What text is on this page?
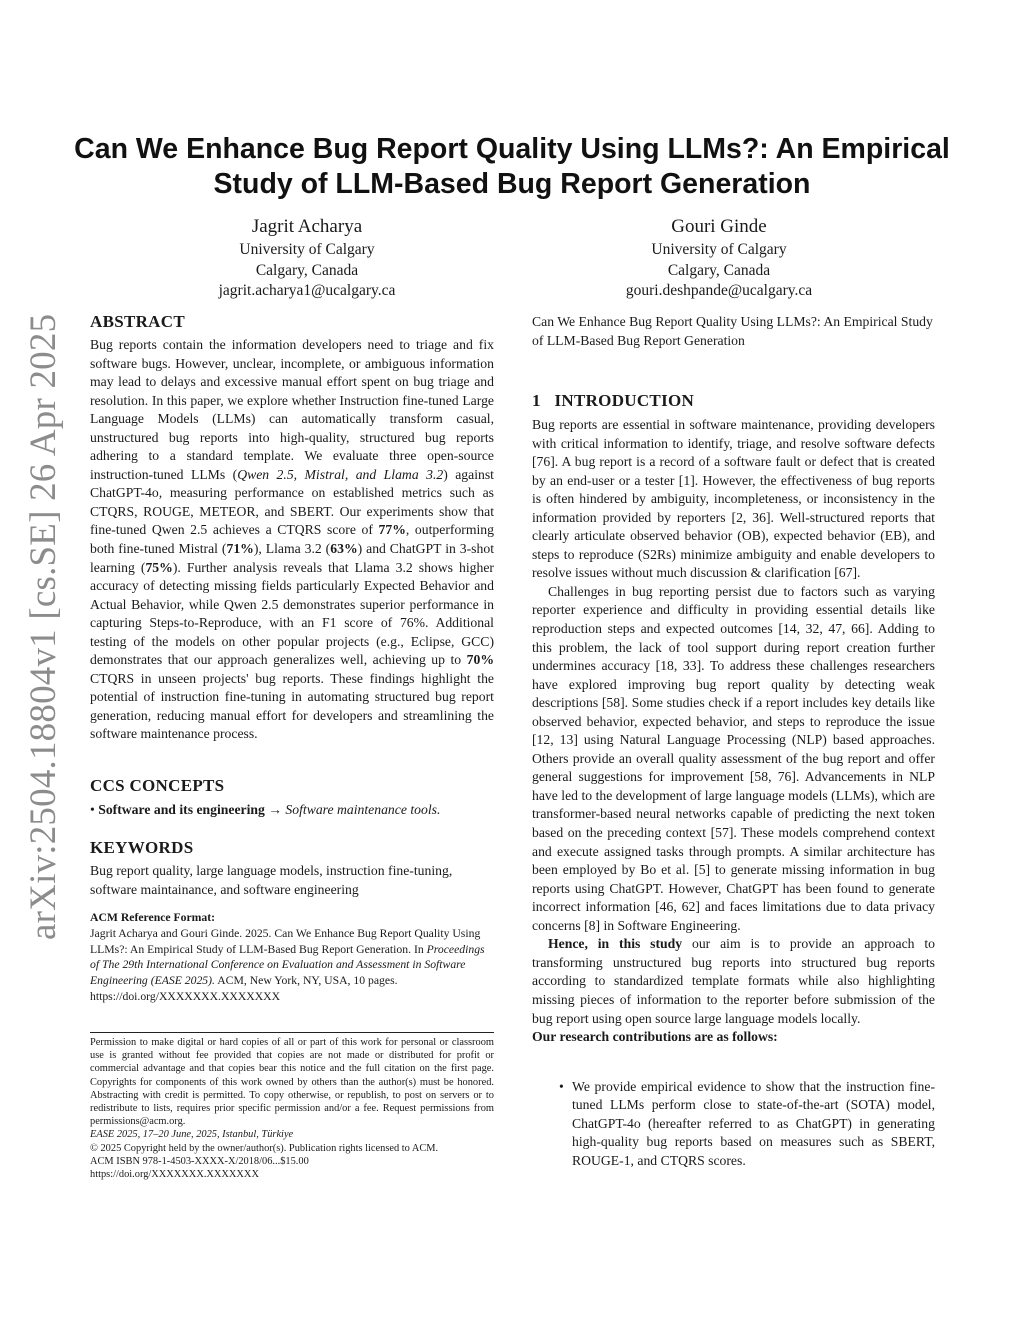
arXiv:2504.18804v1 [cs.SE] 26 Apr 2025
Can We Enhance Bug Report Quality Using LLMs?: An Empirical Study of LLM-Based Bug Report Generation
Jagrit Acharya
University of Calgary
Calgary, Canada
jagrit.acharya1@ucalgary.ca
Gouri Ginde
University of Calgary
Calgary, Canada
gouri.deshpande@ucalgary.ca
ABSTRACT

Bug reports contain the information developers need to triage and fix software bugs. However, unclear, incomplete, or ambiguous information may lead to delays and excessive manual effort spent on bug triage and resolution. In this paper, we explore whether Instruction fine-tuned Large Language Models (LLMs) can automatically transform casual, unstructured bug reports into high-quality, structured bug reports adhering to a standard template. We evaluate three open-source instruction-tuned LLMs (Qwen 2.5, Mistral, and Llama 3.2) against ChatGPT-4o, measuring performance on established metrics such as CTQRS, ROUGE, METEOR, and SBERT. Our experiments show that fine-tuned Qwen 2.5 achieves a CTQRS score of 77%, outperforming both fine-tuned Mistral (71%), Llama 3.2 (63%) and ChatGPT in 3-shot learning (75%). Further analysis reveals that Llama 3.2 shows higher accuracy of detecting missing fields particularly Expected Behavior and Actual Behavior, while Qwen 2.5 demonstrates superior performance in capturing Steps-to-Reproduce, with an F1 score of 76%. Additional testing of the models on other popular projects (e.g., Eclipse, GCC) demonstrates that our approach generalizes well, achieving up to 70% CTQRS in unseen projects' bug reports. These findings highlight the potential of instruction fine-tuning in automating structured bug report generation, reducing manual effort for developers and streamlining the software maintenance process.

CCS CONCEPTS

• Software and its engineering → Software maintenance tools.

KEYWORDS

Bug report quality, large language models, instruction fine-tuning, software maintainance, and software engineering

ACM Reference Format:

Jagrit Acharya and Gouri Ginde. 2025. Can We Enhance Bug Report Quality Using LLMs?: An Empirical Study of LLM-Based Bug Report Generation. In Proceedings of The 29th International Conference on Evaluation and Assessment in Software Engineering (EASE 2025). ACM, New York, NY, USA, 10 pages. https://doi.org/XXXXXXX.XXXXXXX

Permission to make digital or hard copies of all or part of this work for personal or classroom use is granted without fee provided that copies are not made or distributed for profit or commercial advantage and that copies bear this notice and the full citation on the first page. Copyrights for components of this work owned by others than the author(s) must be honored. Abstracting with credit is permitted. To copy otherwise, or republish, to post on servers or to redistribute to lists, requires prior specific permission and/or a fee. Request permissions from permissions@acm.org.

EASE 2025, 17–20 June, 2025, Istanbul, Türkiye

© 2025 Copyright held by the owner/author(s). Publication rights licensed to ACM.

ACM ISBN 978-1-4503-XXXX-X/2018/06...$15.00

https://doi.org/XXXXXXX.XXXXXXX

Can We Enhance Bug Report Quality Using LLMs?: An Empirical Study of LLM-Based Bug Report Generation
1 INTRODUCTION

Bug reports are essential in software maintenance, providing developers with critical information to identify, triage, and resolve software defects [76]. A bug report is a record of a software fault or defect that is created by an end-user or a tester [1]. However, the effectiveness of bug reports is often hindered by ambiguity, incompleteness, or inconsistency in the information provided by reporters [2, 36]. Well-structured reports that clearly articulate observed behavior (OB), expected behavior (EB), and steps to reproduce (S2Rs) minimize ambiguity and enable developers to resolve issues without much discussion & clarification [67].

Challenges in bug reporting persist due to factors such as varying reporter experience and difficulty in providing essential details like reproduction steps and expected outcomes [14, 32, 47, 66]. Adding to this problem, the lack of tool support during report creation further undermines accuracy [18, 33]. To address these challenges researchers have explored improving bug report quality by detecting weak descriptions [58]. Some studies check if a report includes key details like observed behavior, expected behavior, and steps to reproduce the issue [12, 13] using Natural Language Processing (NLP) based approaches. Others provide an overall quality assessment of the bug report and offer general suggestions for improvement [58, 76]. Advancements in NLP have led to the development of large language models (LLMs), which are transformer-based neural networks capable of predicting the next token based on the preceding context [57]. These models comprehend context and execute assigned tasks through prompts. A similar architecture has been employed by Bo et al. [5] to generate missing information in bug reports using ChatGPT. However, ChatGPT has been found to generate incorrect information [46, 62] and faces limitations due to data privacy concerns [8] in Software Engineering.

Hence, in this study our aim is to provide an approach to transforming unstructured bug reports into structured bug reports according to standardized template formats while also highlighting missing pieces of information to the reporter before submission of the bug report using open source large language models locally.

Our research contributions are as follows:

• We provide empirical evidence to show that the instruction fine-tuned LLMs perform close to state-of-the-art (SOTA) model, ChatGPT-4o (hereafter referred to as ChatGPT) in generating high-quality bug reports based on measures such as SBERT, ROUGE-1, and CTQRS scores.
